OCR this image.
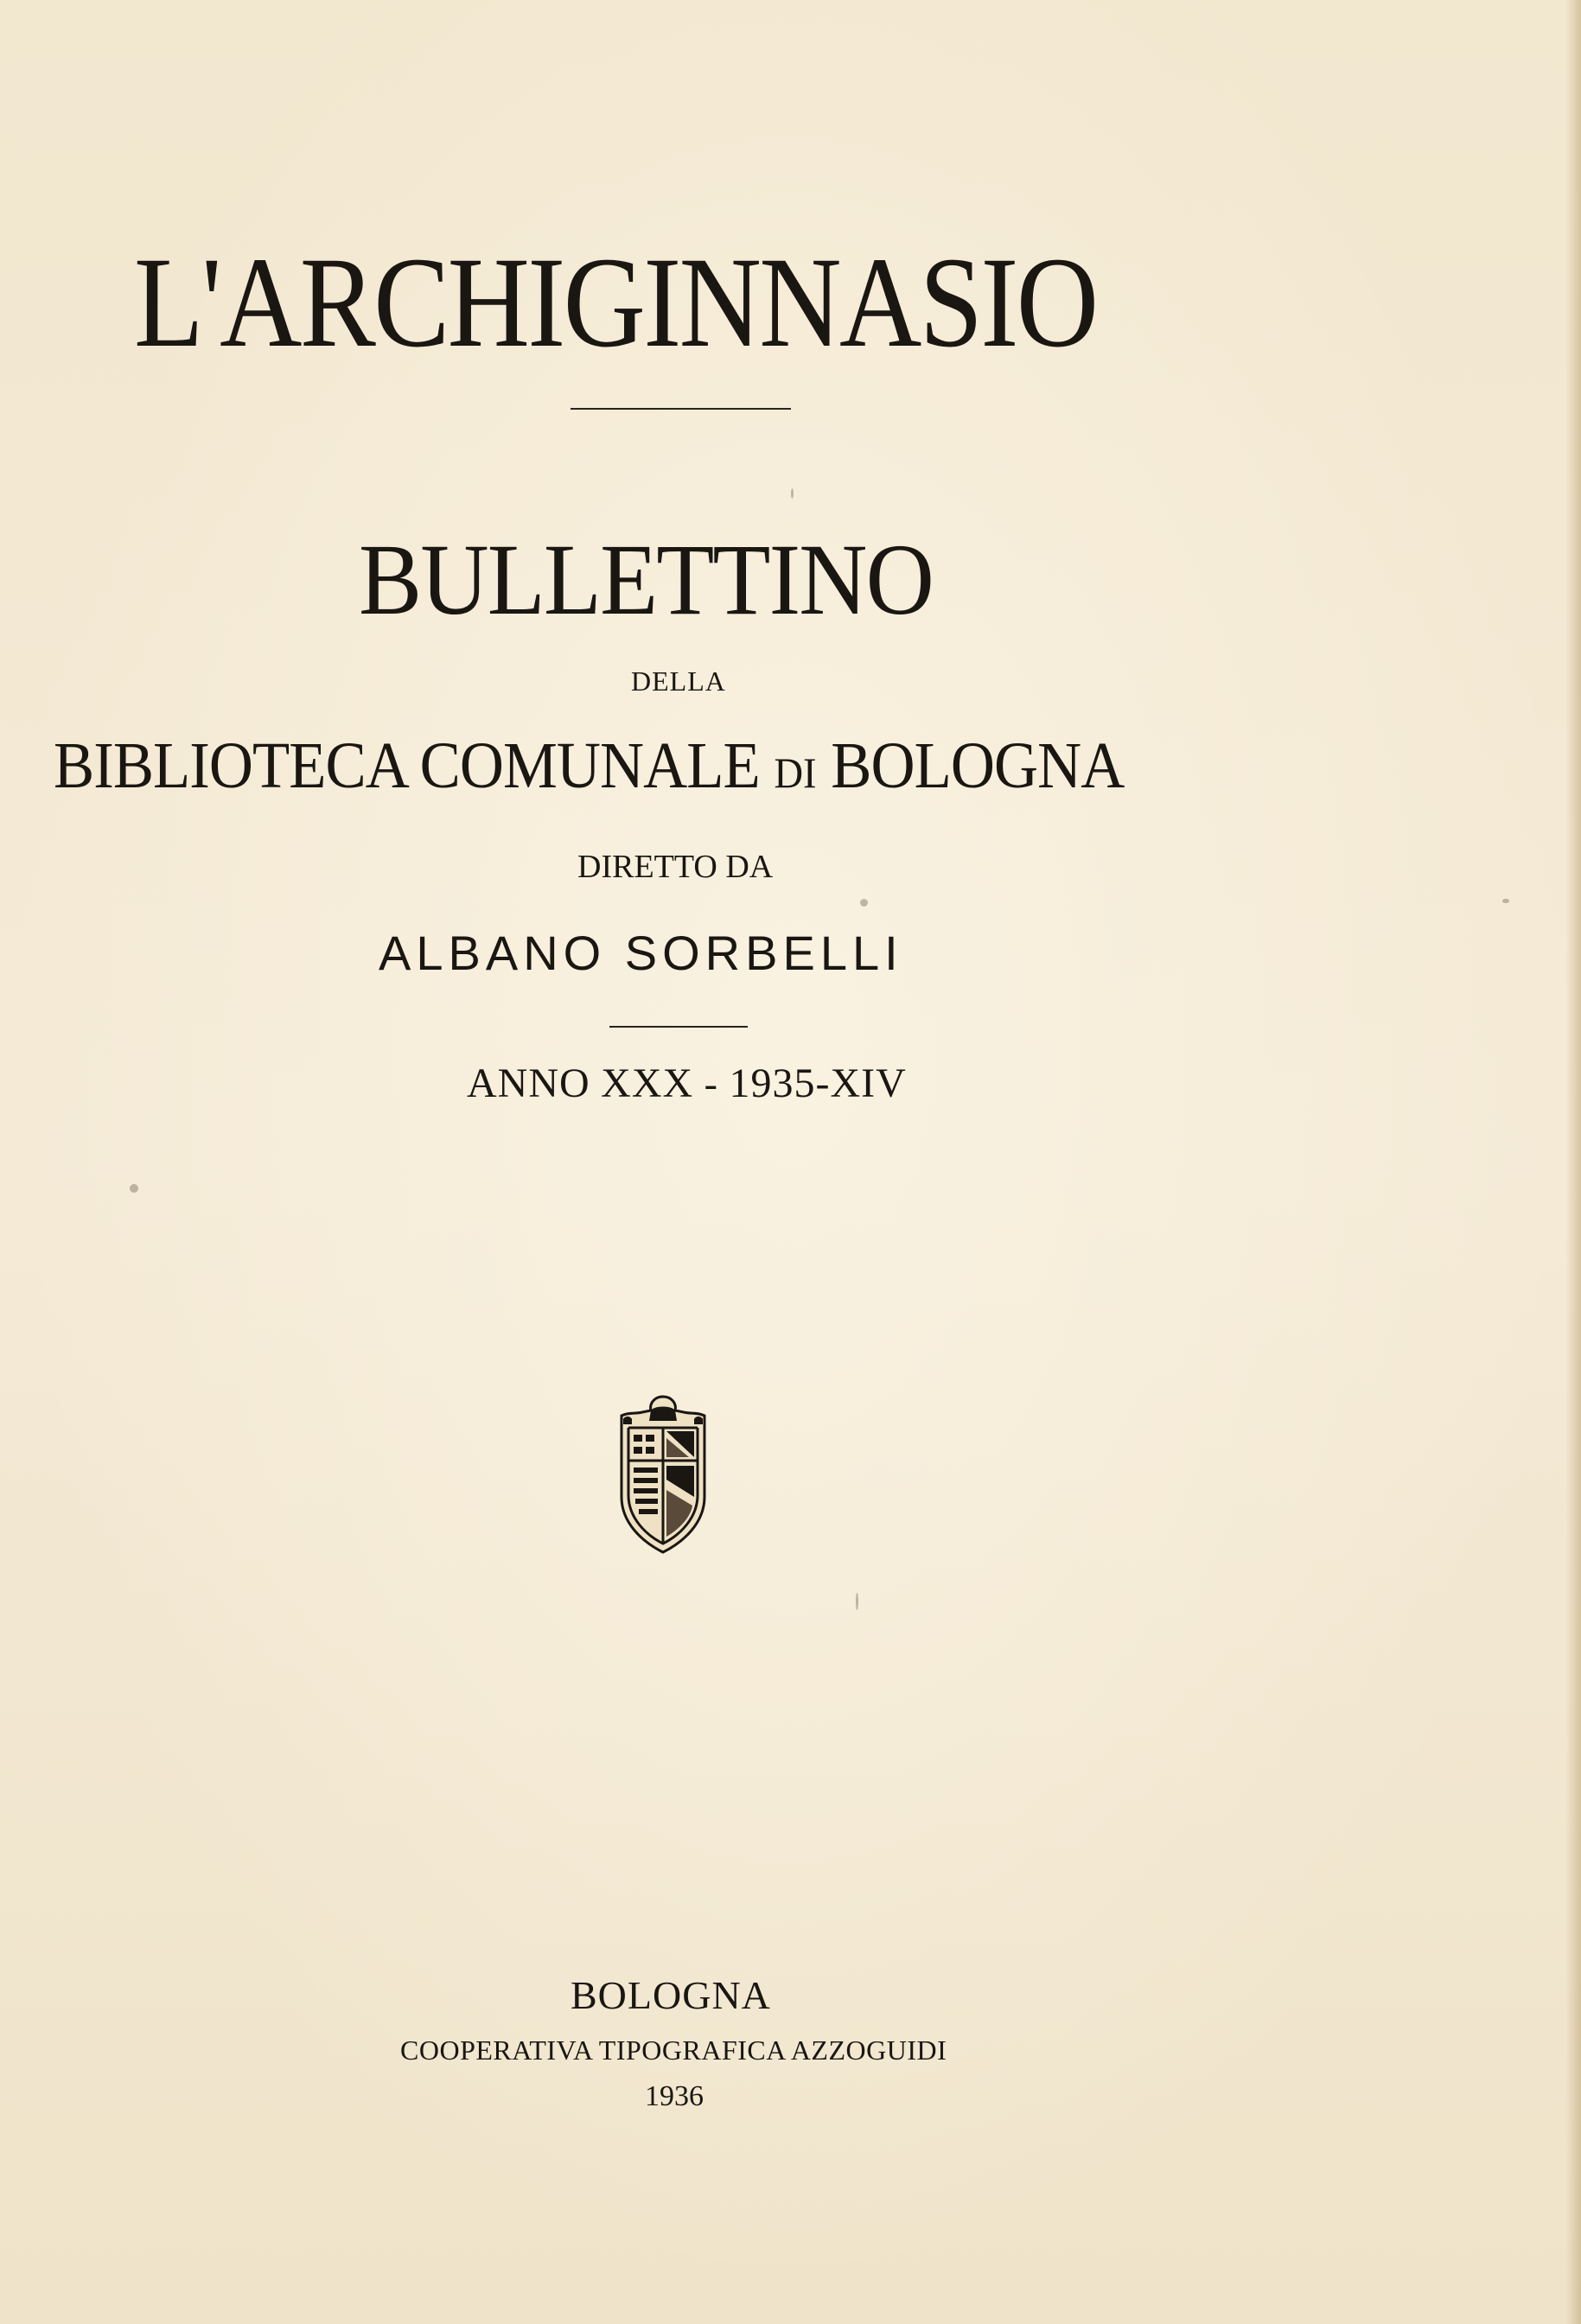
L'ARCHIGINNASIO
BULLETTINO
DELLA
BIBLIOTECA COMUNALE DI BOLOGNA
DIRETTO DA
ALBANO SORBELLI
ANNO XXX - 1935-XIV
BOLOGNA
COOPERATIVA TIPOGRAFICA AZZOGUIDI
1936
